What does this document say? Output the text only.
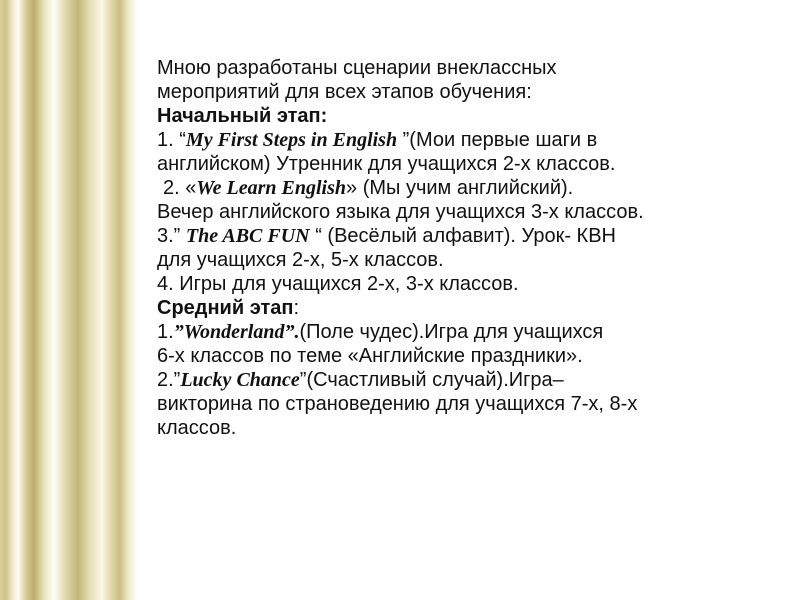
Мною разработаны сценарии внеклассных
мероприятий для всех этапов обучения:
Начальный этап:
1. “My First Steps in English ”(Мои первые шаги в
английском) Утренник для учащихся 2-х классов.
2. «We Learn English» (Мы учим английский).
Вечер английского языка для учащихся 3-х классов.
3.” The ABC FUN “ (Весёлый алфавит). Урок- КВН
для учащихся 2-х, 5-х классов.
4. Игры для учащихся 2-х, 3-х классов.
Средний этап:
1.”Wonderland”.(Поле чудес).Игра для учащихся
6-х классов по теме «Английские праздники».
2.”Lucky Chance”(Счастливый случай).Игра–
викторина по страноведению для учащихся 7-х, 8-х
классов.
